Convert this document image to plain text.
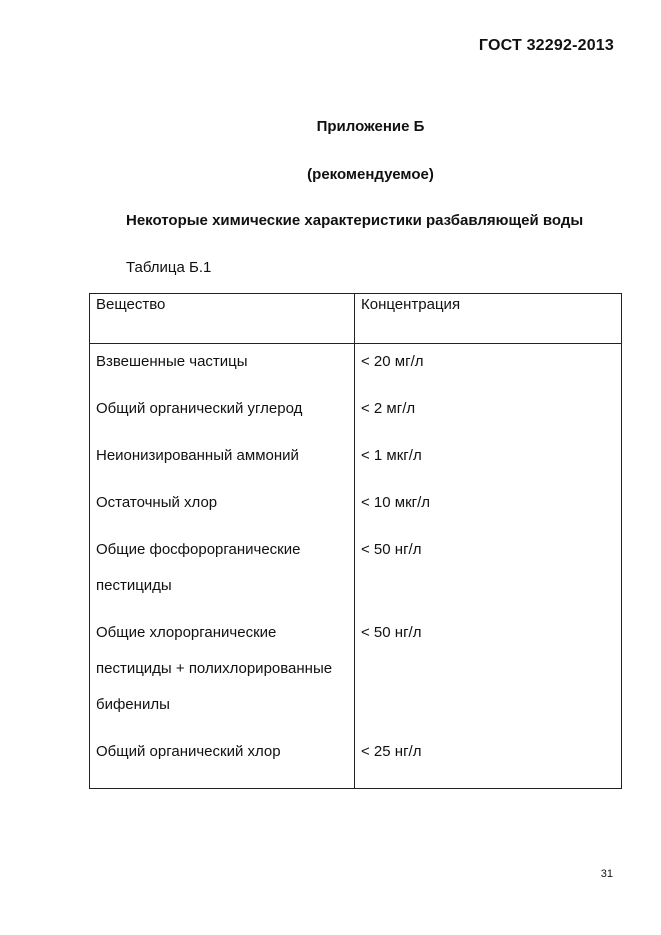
ГОСТ 32292-2013
Приложение Б
(рекомендуемое)
Некоторые химические характеристики разбавляющей воды
Таблица Б.1
Вещество	Концентрация
Взвешенные частицы	< 20 мг/л
Общий органический углерод	< 2 мг/л
Неионизированный аммоний	< 1 мкг/л
Остаточный хлор	< 10 мкг/л
Общие фосфорорганические пестициды	< 50 нг/л
Общие хлорорганические пестициды + полихлорированные бифенилы	< 50 нг/л
Общий органический хлор	< 25 нг/л
31
